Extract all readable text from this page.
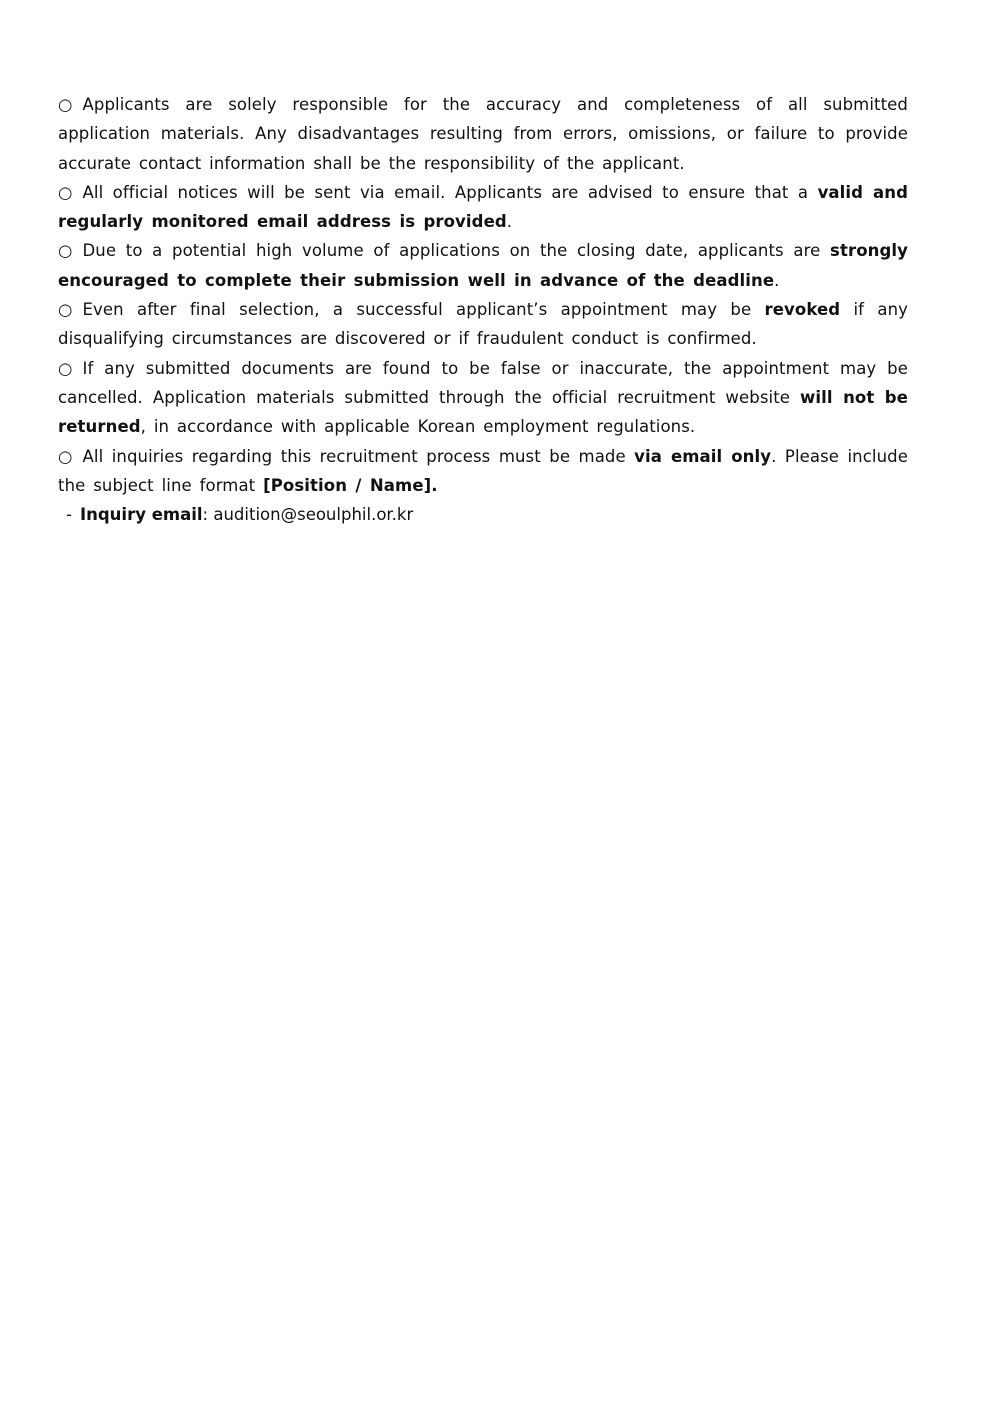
○ Applicants are solely responsible for the accuracy and completeness of all submitted application materials. Any disadvantages resulting from errors, omissions, or failure to provide accurate contact information shall be the responsibility of the applicant.

○ All official notices will be sent via email. Applicants are advised to ensure that a valid and regularly monitored email address is provided.

○ Due to a potential high volume of applications on the closing date, applicants are strongly encouraged to complete their submission well in advance of the deadline.

○ Even after final selection, a successful applicant’s appointment may be revoked if any disqualifying circumstances are discovered or if fraudulent conduct is confirmed.

○ If any submitted documents are found to be false or inaccurate, the appointment may be cancelled. Application materials submitted through the official recruitment website will not be returned, in accordance with applicable Korean employment regulations.

○ All inquiries regarding this recruitment process must be made via email only. Please include the subject line format [Position / Name].

- Inquiry email: audition@seoulphil.or.kr
